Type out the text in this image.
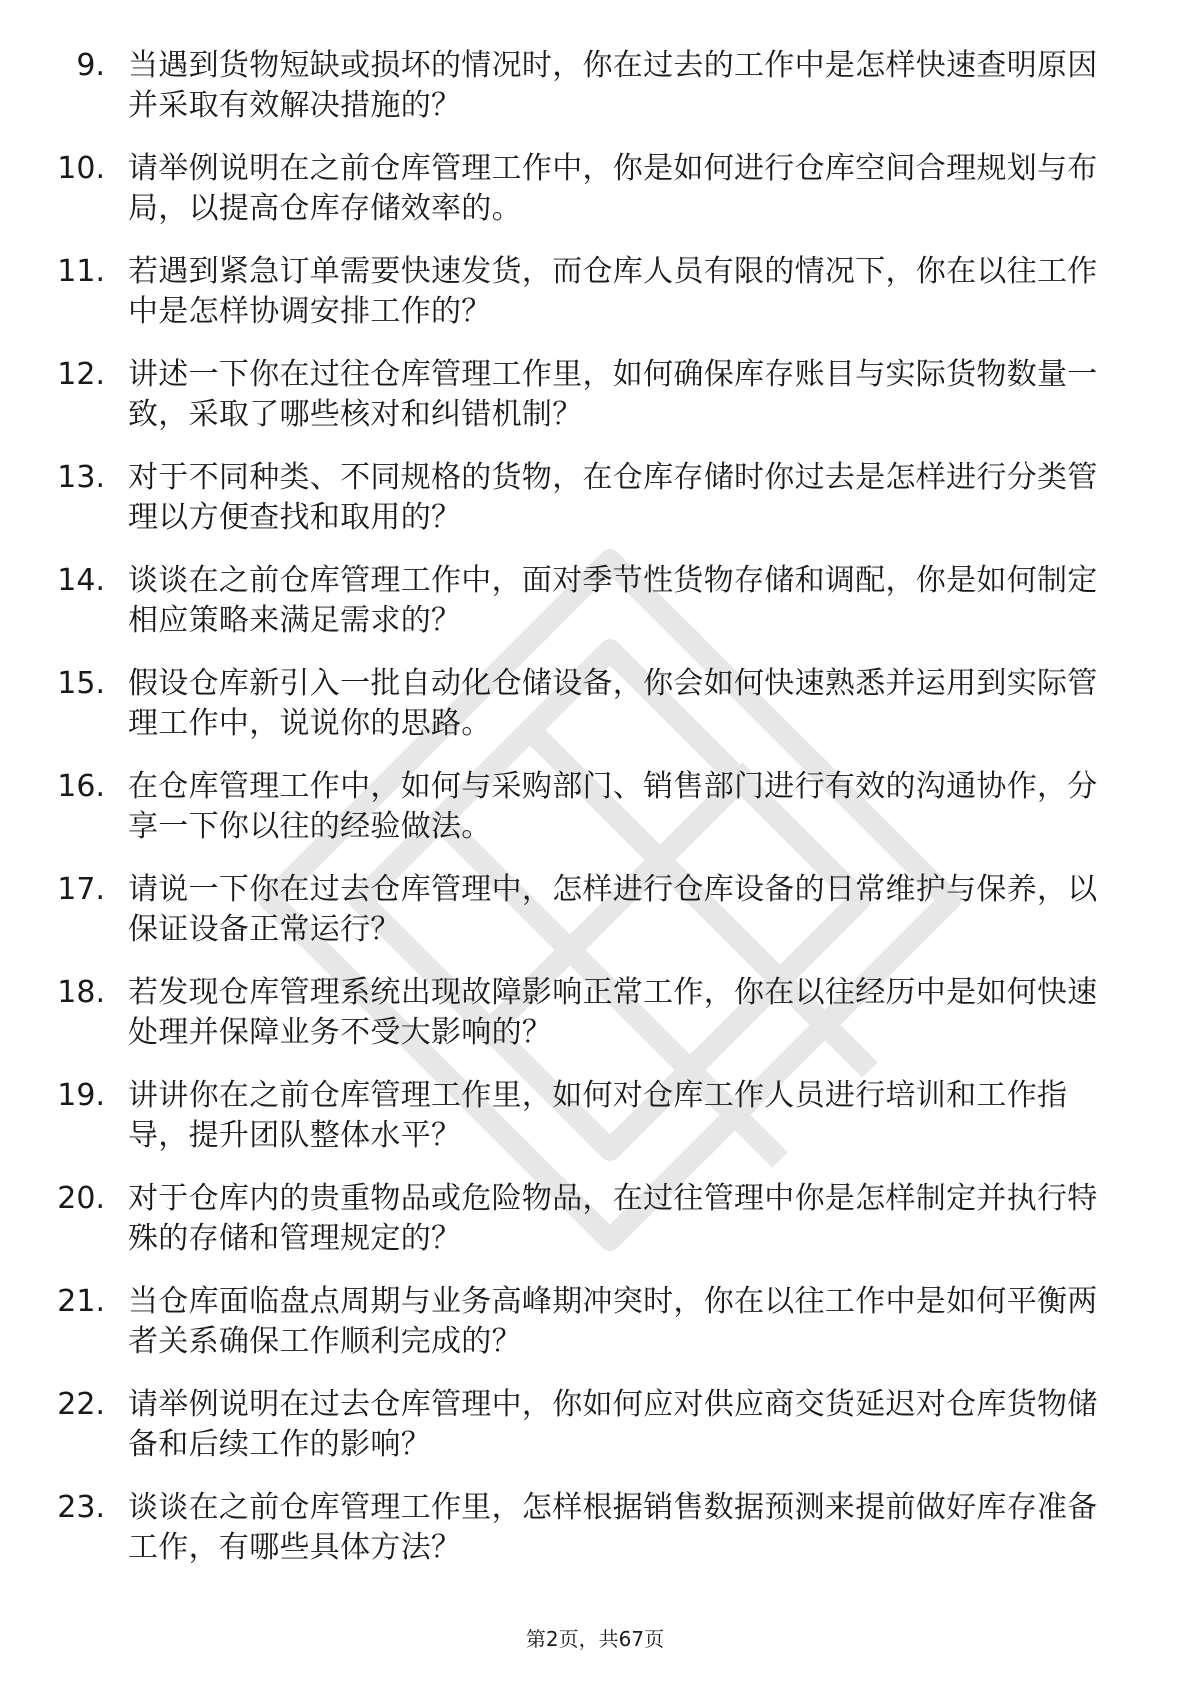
9. 当遇到货物短缺或损坏的情况时，你在过去的工作中是怎样快速查明原因并采取有效解决措施的？
10. 请举例说明在之前仓库管理工作中，你是如何进行仓库空间合理规划与布局，以提高仓库存储效率的。
11. 若遇到紧急订单需要快速发货，而仓库人员有限的情况下，你在以往工作中是怎样协调安排工作的？
12. 讲述一下你在过往仓库管理工作里，如何确保库存账目与实际货物数量一致，采取了哪些核对和纠错机制？
13. 对于不同种类、不同规格的货物，在仓库存储时你过去是怎样进行分类管理以方便查找和取用的？
14. 谈谈在之前仓库管理工作中，面对季节性货物存储和调配，你是如何制定相应策略来满足需求的？
15. 假设仓库新引入一批自动化仓储设备，你会如何快速熟悉并运用到实际管理工作中，说说你的思路。
16. 在仓库管理工作中，如何与采购部门、销售部门进行有效的沟通协作，分享一下你以往的经验做法。
17. 请说一下你在过去仓库管理中，怎样进行仓库设备的日常维护与保养，以保证设备正常运行？
18. 若发现仓库管理系统出现故障影响正常工作，你在以往经历中是如何快速处理并保障业务不受大影响的？
19. 讲讲你在之前仓库管理工作里，如何对仓库工作人员进行培训和工作指导，提升团队整体水平？
20. 对于仓库内的贵重物品或危险物品，在过往管理中你是怎样制定并执行特殊的存储和管理规定的？
21. 当仓库面临盘点周期与业务高峰期冲突时，你在以往工作中是如何平衡两者关系确保工作顺利完成的？
22. 请举例说明在过去仓库管理中，你如何应对供应商交货延迟对仓库货物储备和后续工作的影响？
23. 谈谈在之前仓库管理工作里，怎样根据销售数据预测来提前做好库存准备工作，有哪些具体方法？
第2页，共67页
